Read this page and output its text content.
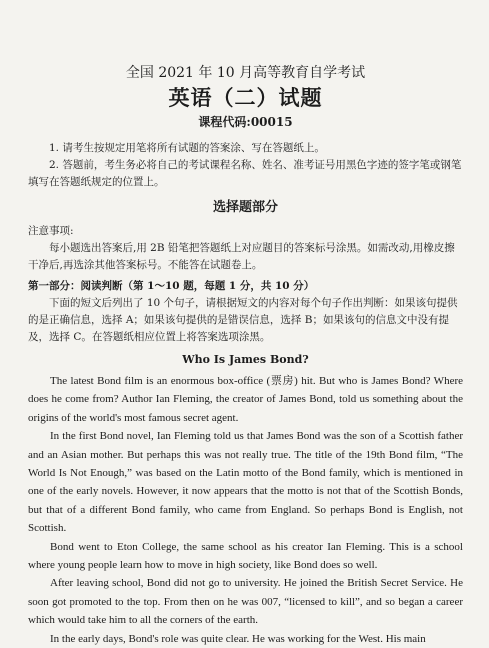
全国 2021 年 10 月高等教育自学考试
英语（二）试题
课程代码:00015

1. 请考生按规定用笔将所有试题的答案涂、写在答题纸上。

2. 答题前，考生务必将自己的考试课程名称、姓名、准考证号用黑色字迹的签字笔或钢笔填写在答题纸规定的位置上。

选择题部分
注意事项:

每小题选出答案后,用 2B 铅笔把答题纸上对应题目的答案标号涂黑。如需改动,用橡皮擦干净后,再选涂其他答案标号。不能答在试题卷上。

第一部分：阅读判断（第 1～10 题，每题 1 分，共 10 分）

下面的短文后列出了 10 个句子，请根据短文的内容对每个句子作出判断：如果该句提供的是正确信息，选择 A；如果该句提供的是错误信息，选择 B；如果该句的信息文中没有提及，选择 C。在答题纸相应位置上将答案选项涂黑。

Who Is James Bond?

The latest Bond film is an enormous box-office (票房) hit. But who is James Bond? Where does he come from? Author Ian Fleming, the creator of James Bond, told us something about the origins of the world's most famous secret agent.

In the first Bond novel, Ian Fleming told us that James Bond was the son of a Scottish father and an Asian mother. But perhaps this was not really true. The title of the 19th Bond film, “The World Is Not Enough,” was based on the Latin motto of the Bond family, which is mentioned in one of the early novels. However, it now appears that the motto is not that of the Scottish Bonds, but that of a different Bond family, who came from England. So perhaps Bond is English, not Scottish.

Bond went to Eton College, the same school as his creator Ian Fleming. This is a school where young people learn how to move in high society, like Bond does so well.

After leaving school, Bond did not go to university. He joined the British Secret Service. He soon got promoted to the top. From then on he was 007, “licensed to kill”, and so began a career which would take him to all the corners of the earth.

In the early days, Bond's role was quite clear. He was working for the West. His main
